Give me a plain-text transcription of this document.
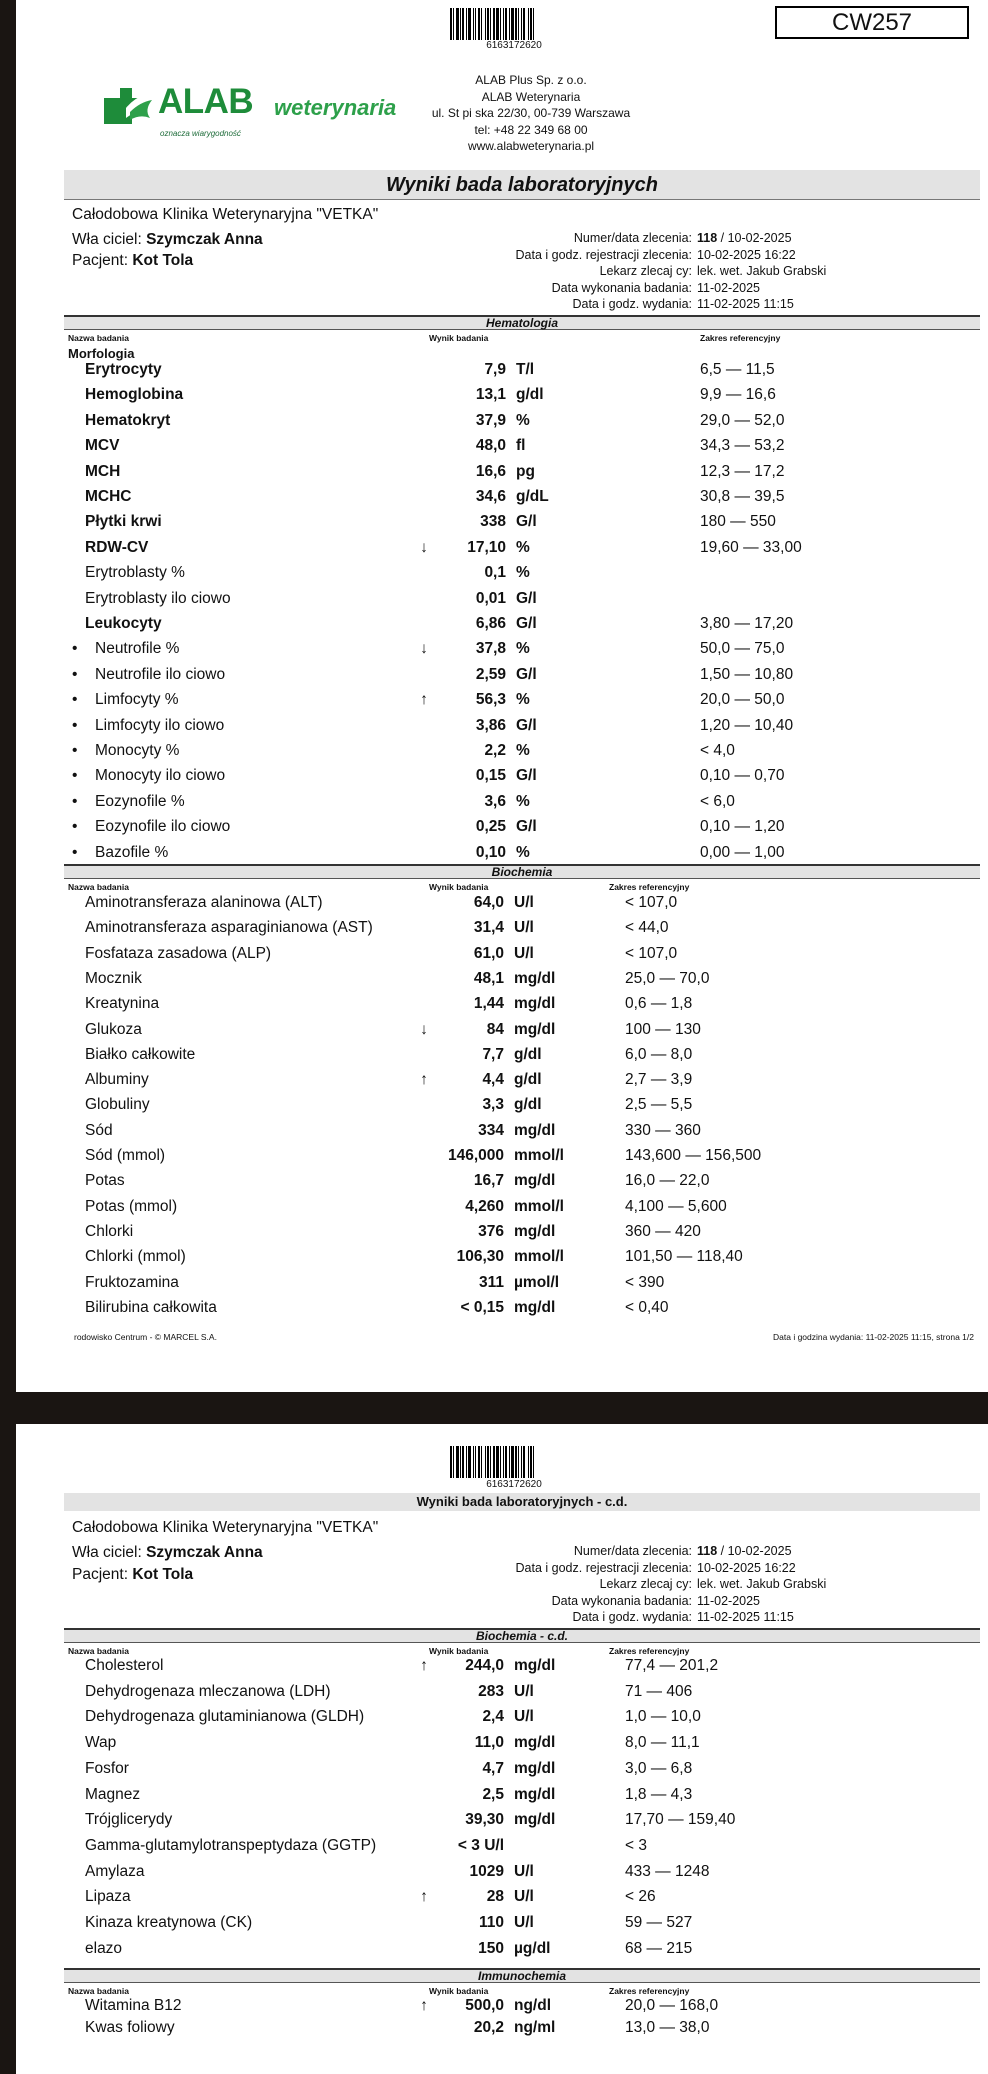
6163172620
CW257
ALAB weterynaria
oznacza wiarygodność
ALAB Plus Sp. z o.o.
ALAB Weterynaria
ul. St pi ska 22/30, 00-739 Warszawa
tel: +48 22 349 68 00
www.alabweterynaria.pl
Wyniki bada laboratoryjnych
Całodobowa Klinika Weterynaryjna "VETKA"
Wła ciciel: Szymczak Anna
Pacjent: Kot Tola
Numer/data zlecenia: 118 / 10-02-2025
Data i godz. rejestracji zlecenia: 10-02-2025 16:22
Lekarz zlecaj cy: lek. wet. Jakub Grabski
Data wykonania badania: 11-02-2025
Data i godz. wydania: 11-02-2025 11:15
Hematologia
Nazwa badania	Wynik badania	Zakres referencyjny
Morfologia
Erytrocyty	7,9 T/l	6,5 — 11,5
Hemoglobina	13,1 g/dl	9,9 — 16,6
Hematokryt	37,9 %	29,0 — 52,0
MCV	48,0 fl	34,3 — 53,2
MCH	16,6 pg	12,3 — 17,2
MCHC	34,6 g/dL	30,8 — 39,5
Płytki krwi	338 G/l	180 — 550
RDW-CV	↓	17,10 %	19,60 — 33,00
Erytroblasty %	0,1 %
Erytroblasty ilo ciowo	0,01 G/l
Leukocyty	6,86 G/l	3,80 — 17,20
• Neutrofile %	↓	37,8 %	50,0 — 75,0
• Neutrofile ilo ciowo	2,59 G/l	1,50 — 10,80
• Limfocyty %	↑	56,3 %	20,0 — 50,0
• Limfocyty ilo ciowo	3,86 G/l	1,20 — 10,40
• Monocyty %	2,2 %	< 4,0
• Monocyty ilo ciowo	0,15 G/l	0,10 — 0,70
• Eozynofile %	3,6 %	< 6,0
• Eozynofile ilo ciowo	0,25 G/l	0,10 — 1,20
• Bazofile %	0,10 %	0,00 — 1,00
Biochemia
Nazwa badania	Wynik badania	Zakres referencyjny
Aminotransferaza alaninowa (ALT)	64,0 U/l	< 107,0
Aminotransferaza asparaginianowa (AST)	31,4 U/l	< 44,0
Fosfataza zasadowa (ALP)	61,0 U/l	< 107,0
Mocznik	48,1 mg/dl	25,0 — 70,0
Kreatynina	1,44 mg/dl	0,6 — 1,8
Glukoza	↓	84 mg/dl	100 — 130
Białko całkowite	7,7 g/dl	6,0 — 8,0
Albuminy	↑	4,4 g/dl	2,7 — 3,9
Globuliny	3,3 g/dl	2,5 — 5,5
Sód	334 mg/dl	330 — 360
Sód (mmol)	146,000 mmol/l	143,600 — 156,500
Potas	16,7 mg/dl	16,0 — 22,0
Potas (mmol)	4,260 mmol/l	4,100 — 5,600
Chlorki	376 mg/dl	360 — 420
Chlorki (mmol)	106,30 mmol/l	101,50 — 118,40
Fruktozamina	311 µmol/l	< 390
Bilirubina całkowita	< 0,15 mg/dl	< 0,40
rodowisko Centrum - © MARCEL S.A.	Data i godzina wydania: 11-02-2025 11:15, strona 1/2
6163172620
Wyniki bada laboratoryjnych - c.d.
Całodobowa Klinika Weterynaryjna "VETKA"
Wła ciciel: Szymczak Anna
Pacjent: Kot Tola
Numer/data zlecenia: 118 / 10-02-2025
Data i godz. rejestracji zlecenia: 10-02-2025 16:22
Lekarz zlecaj cy: lek. wet. Jakub Grabski
Data wykonania badania: 11-02-2025
Data i godz. wydania: 11-02-2025 11:15
Biochemia - c.d.
Nazwa badania	Wynik badania	Zakres referencyjny
Cholesterol	↑	244,0 mg/dl	77,4 — 201,2
Dehydrogenaza mleczanowa (LDH)	283 U/l	71 — 406
Dehydrogenaza glutaminianowa (GLDH)	2,4 U/l	1,0 — 10,0
Wap	11,0 mg/dl	8,0 — 11,1
Fosfor	4,7 mg/dl	3,0 — 6,8
Magnez	2,5 mg/dl	1,8 — 4,3
Trójglicerydy	39,30 mg/dl	17,70 — 159,40
Gamma-glutamylotranspeptydaza (GGTP)	< 3 U/l	< 3
Amylaza	1029 U/l	433 — 1248
Lipaza	↑	28 U/l	< 26
Kinaza kreatynowa (CK)	110 U/l	59 — 527
elazo	150 µg/dl	68 — 215
Immunochemia
Nazwa badania	Wynik badania	Zakres referencyjny
Witamina B12	↑	500,0 ng/dl	20,0 — 168,0
Kwas foliowy	20,2 ng/ml	13,0 — 38,0
